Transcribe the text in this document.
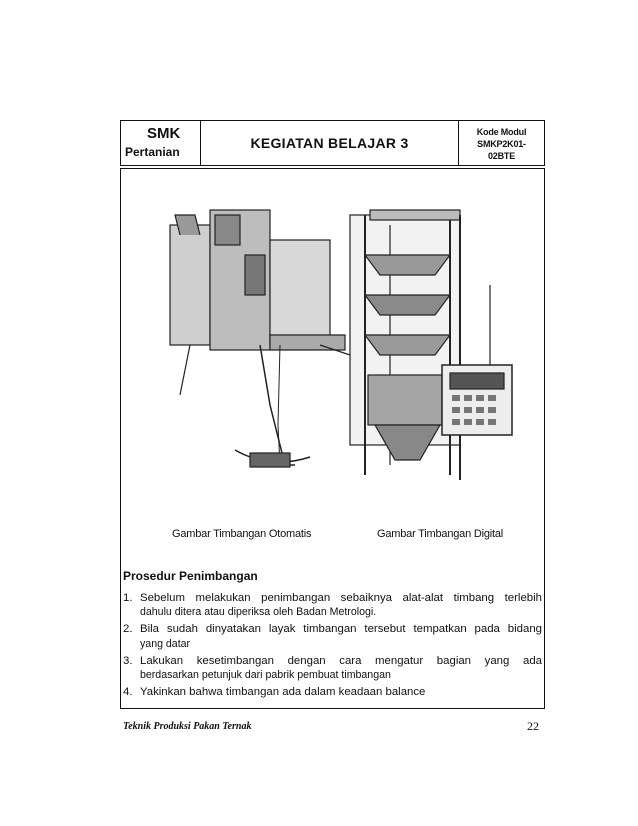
SMK
Pertanian
KEGIATAN BELAJAR 3
Kode Modul
SMKP2K01-
02BTE
Gambar Timbangan Otomatis	Gambar Timbangan Digital
Prosedur Penimbangan
1. Sebelum melakukan penimbangan sebaiknya alat-alat timbang terlebih
dahulu ditera atau diperiksa oleh Badan Metrologi.
2. Bila sudah dinyatakan layak timbangan tersebut tempatkan pada bidang
yang datar
3. Lakukan kesetimbangan dengan cara mengatur bagian yang ada
berdasarkan petunjuk dari pabrik pembuat timbangan
4. Yakinkan bahwa timbangan ada dalam keadaan balance
Teknik Produksi Pakan Ternak	22
